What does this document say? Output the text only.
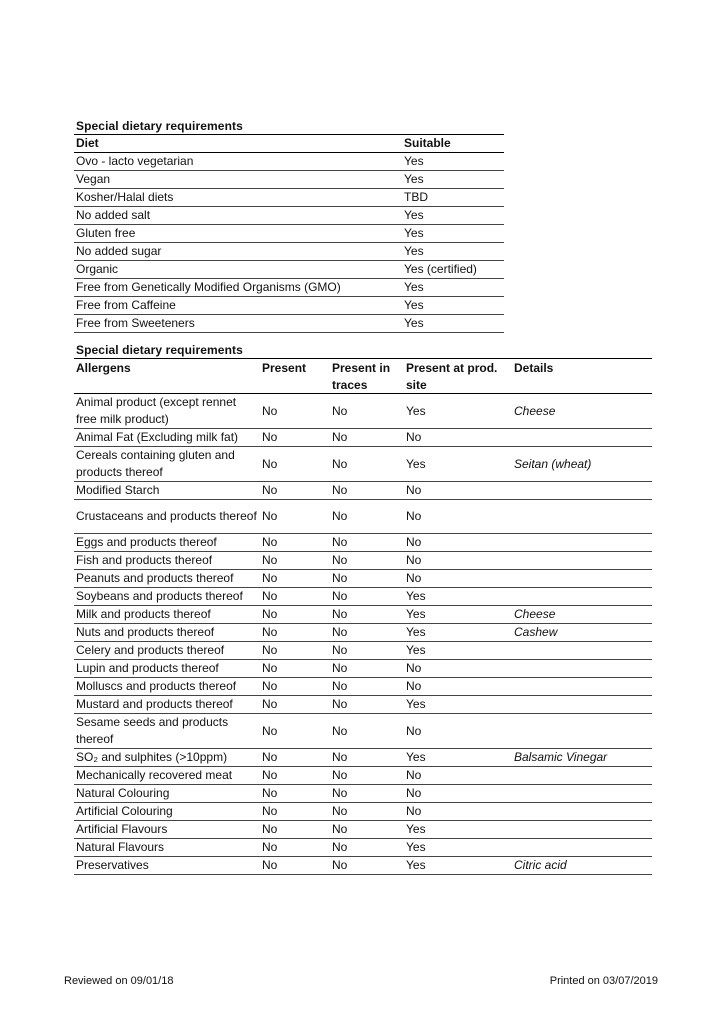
Special dietary requirements
Diet	Suitable
Ovo - lacto vegetarian	Yes
Vegan	Yes
Kosher/Halal diets	TBD
No added salt	Yes
Gluten free	Yes
No added sugar	Yes
Organic	Yes (certified)
Free from Genetically Modified Organisms (GMO)	Yes
Free from Caffeine	Yes
Free from Sweeteners	Yes
Special dietary requirements
Allergens	Present	Present in traces	Present at prod. site	Details
Animal product (except rennet free milk product)	No	No	Yes	Cheese
Animal Fat (Excluding milk fat)	No	No	No	
Cereals containing gluten and products thereof	No	No	Yes	Seitan (wheat)
Modified Starch	No	No	No	
Crustaceans and products thereof	No	No	No	
Eggs and products thereof	No	No	No	
Fish and products thereof	No	No	No	
Peanuts and products thereof	No	No	No	
Soybeans and products thereof	No	No	Yes	
Milk and products thereof	No	No	Yes	Cheese
Nuts and products thereof	No	No	Yes	Cashew
Celery and products thereof	No	No	Yes	
Lupin and products thereof	No	No	No	
Molluscs and products thereof	No	No	No	
Mustard and products thereof	No	No	Yes	
Sesame seeds and products thereof	No	No	No	
SO₂ and sulphites (>10ppm)	No	No	Yes	Balsamic Vinegar
Mechanically recovered meat	No	No	No	
Natural Colouring	No	No	No	
Artificial Colouring	No	No	No	
Artificial Flavours	No	No	Yes	
Natural Flavours	No	No	Yes	
Preservatives	No	No	Yes	Citric acid
Reviewed on 09/01/18	Printed on 03/07/2019
